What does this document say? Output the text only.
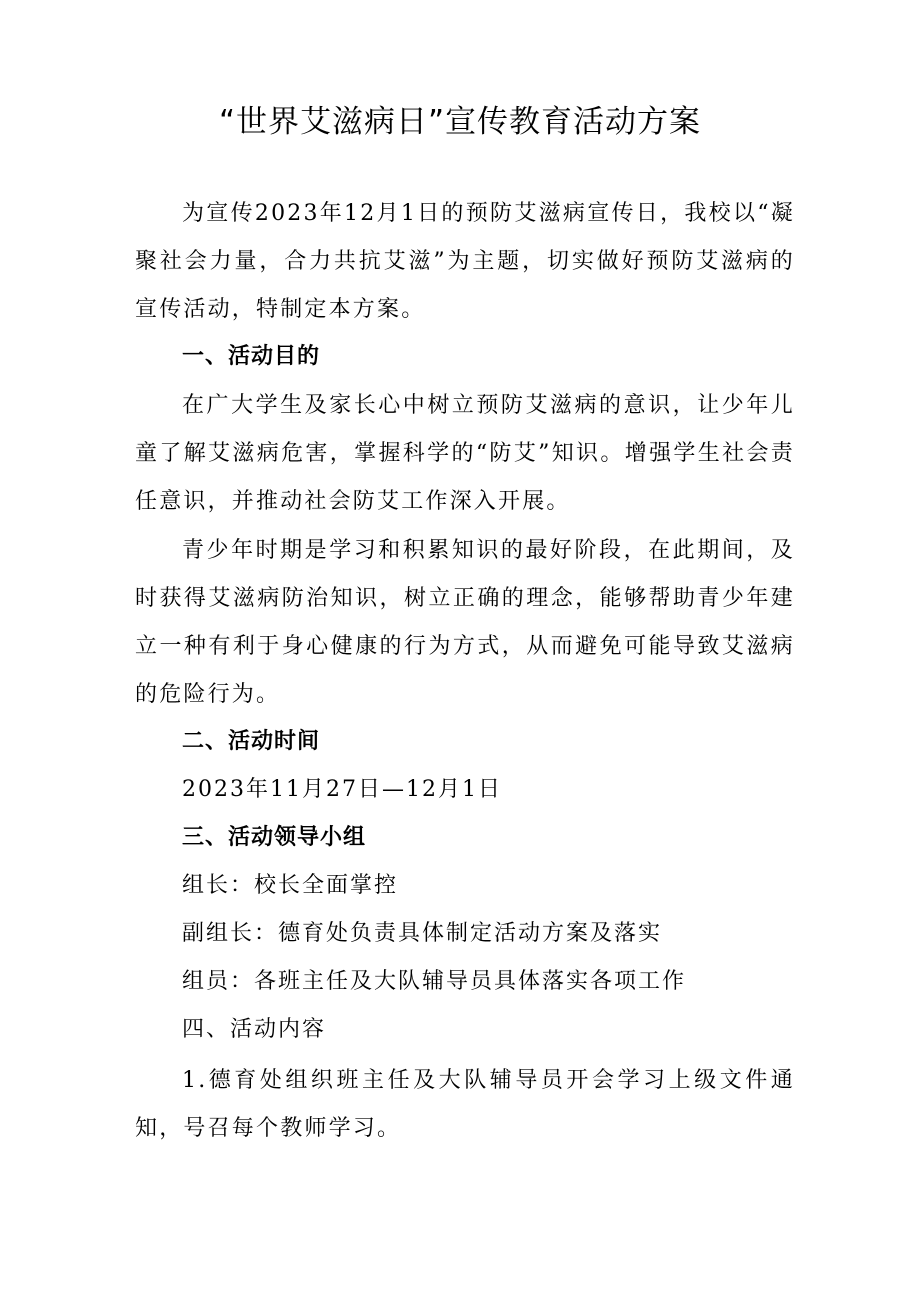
“世界艾滋病日”宣传教育活动方案

为宣传2023年12月1日的预防艾滋病宣传日，我校以“凝聚社会力量，合力共抗艾滋”为主题，切实做好预防艾滋病的宣传活动，特制定本方案。

一、活动目的

在广大学生及家长心中树立预防艾滋病的意识，让少年儿童了解艾滋病危害，掌握科学的“防艾”知识。增强学生社会责任意识，并推动社会防艾工作深入开展。

青少年时期是学习和积累知识的最好阶段，在此期间，及时获得艾滋病防治知识，树立正确的理念，能够帮助青少年建立一种有利于身心健康的行为方式，从而避免可能导致艾滋病的危险行为。

二、活动时间
2023年11月27日—12月1日
三、活动领导小组
组长：校长全面掌控
副组长：德育处负责具体制定活动方案及落实
组员：各班主任及大队辅导员具体落实各项工作
四、活动内容

1.德育处组织班主任及大队辅导员开会学习上级文件通知，号召每个教师学习。
